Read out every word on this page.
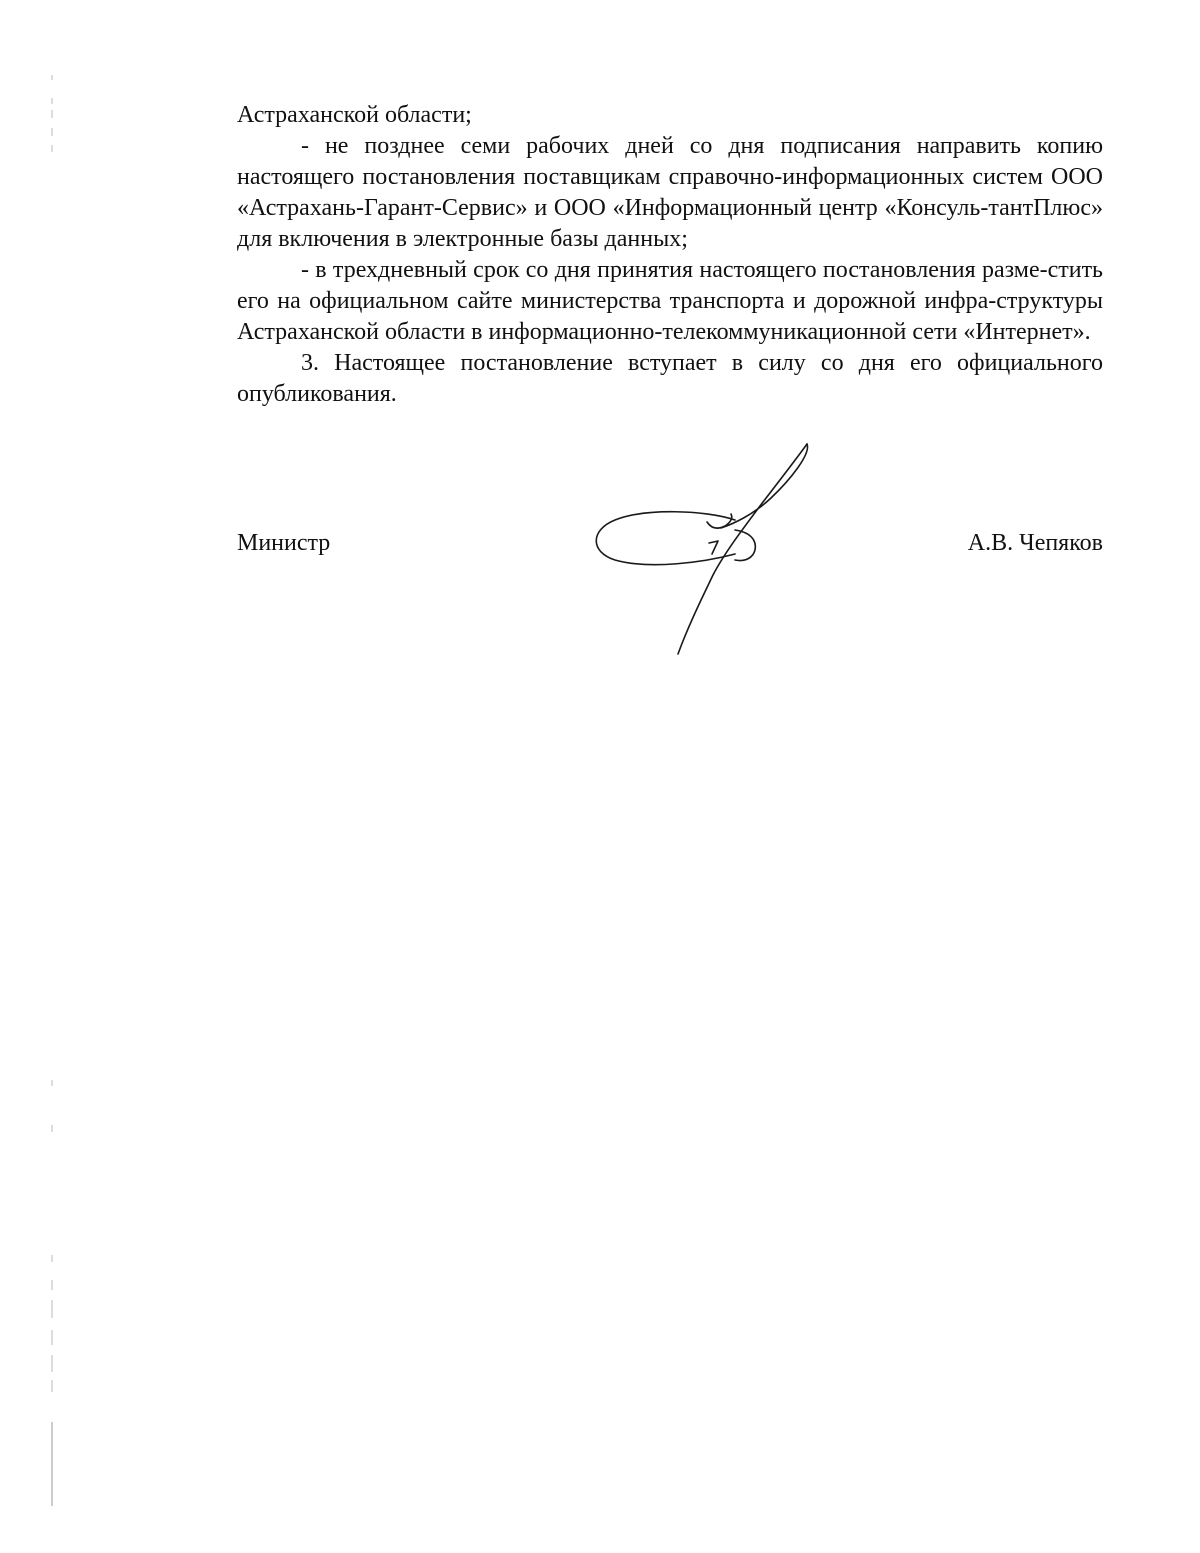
Астраханской области;

- не позднее семи рабочих дней со дня подписания направить копию настоящего постановления поставщикам справочно-информационных систем ООО «Астрахань-Гарант-Сервис» и ООО «Информационный центр «Консуль-тантПлюс» для включения в электронные базы данных;

- в трехдневный срок со дня принятия настоящего постановления разме-стить его на официальном сайте министерства транспорта и дорожной инфра-структуры Астраханской области в информационно-телекоммуникационной сети «Интернет».

3. Настоящее постановление вступает в силу со дня его официального опубликования.

Министр	А.В. Чепяков
